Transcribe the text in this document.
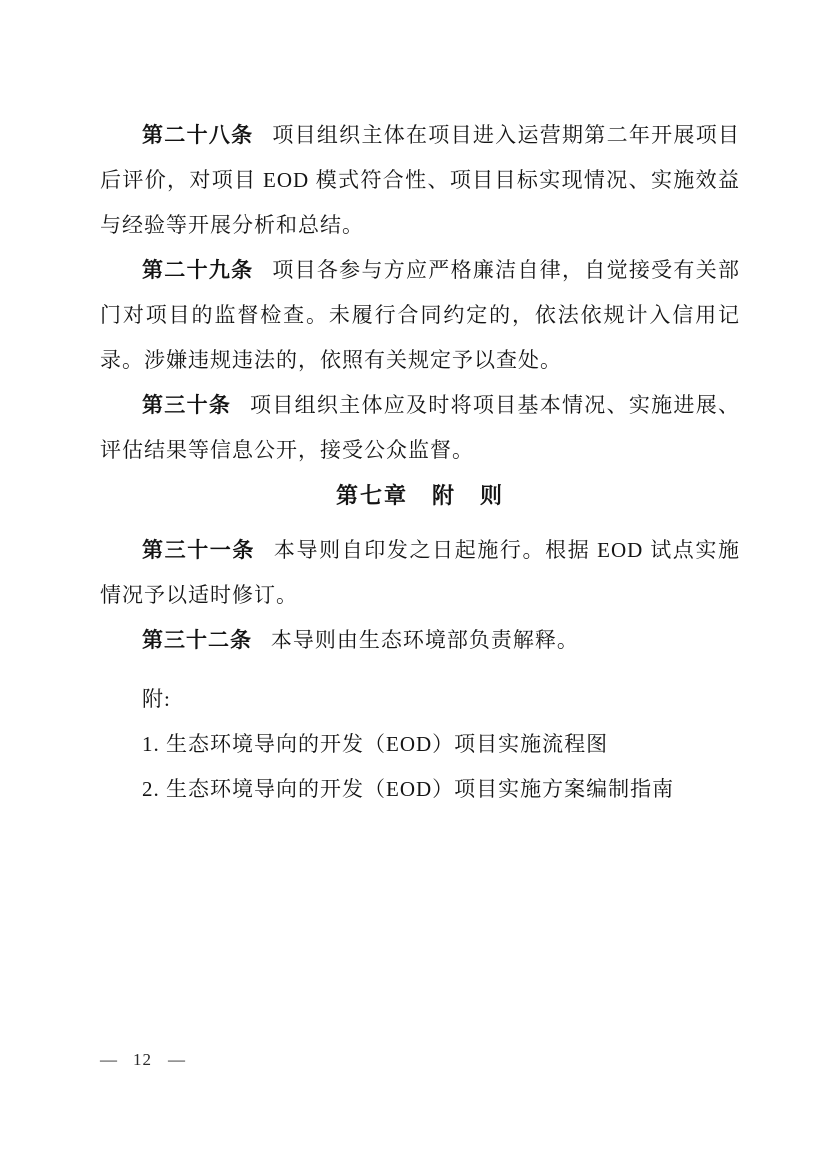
第二十八条 项目组织主体在项目进入运营期第二年开展项目后评价，对项目 EOD 模式符合性、项目目标实现情况、实施效益与经验等开展分析和总结。

第二十九条 项目各参与方应严格廉洁自律，自觉接受有关部门对项目的监督检查。未履行合同约定的，依法依规计入信用记录。涉嫌违规违法的，依照有关规定予以查处。

第三十条 项目组织主体应及时将项目基本情况、实施进展、评估结果等信息公开，接受公众监督。

第七章　附　则

第三十一条 本导则自印发之日起施行。根据 EOD 试点实施情况予以适时修订。

第三十二条 本导则由生态环境部负责解释。

附:

1. 生态环境导向的开发（EOD）项目实施流程图

2. 生态环境导向的开发（EOD）项目实施方案编制指南

— 12 —
